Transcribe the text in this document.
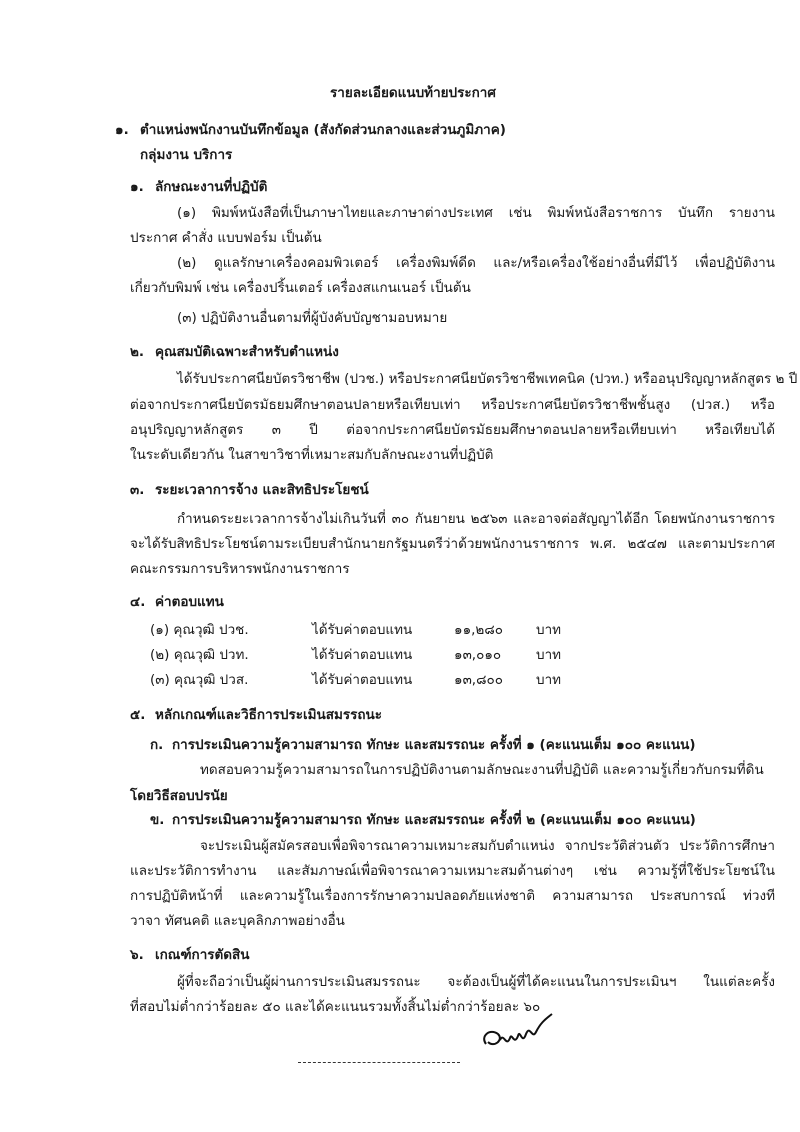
รายละเอียดแนบท้ายประกาศ
๑. ตำแหน่งพนักงานบันทึกข้อมูล (สังกัดส่วนกลางและส่วนภูมิภาค)
กลุ่มงาน บริการ
๑. ลักษณะงานที่ปฏิบัติ
(๑) พิมพ์หนังสือที่เป็นภาษาไทยและภาษาต่างประเทศ เช่น พิมพ์หนังสือราชการ บันทึก รายงาน
ประกาศ คำสั่ง แบบฟอร์ม เป็นต้น
(๒) ดูแลรักษาเครื่องคอมพิวเตอร์ เครื่องพิมพ์ดีด และ/หรือเครื่องใช้อย่างอื่นที่มีไว้ เพื่อปฏิบัติงาน
เกี่ยวกับพิมพ์ เช่น เครื่องปริ้นเตอร์ เครื่องสแกนเนอร์ เป็นต้น
(๓) ปฏิบัติงานอื่นตามที่ผู้บังคับบัญชามอบหมาย
๒. คุณสมบัติเฉพาะสำหรับตำแหน่ง
ได้รับประกาศนียบัตรวิชาชีพ (ปวช.) หรือประกาศนียบัตรวิชาชีพเทคนิค (ปวท.) หรืออนุปริญญาหลักสูตร ๒ ปี
ต่อจากประกาศนียบัตรมัธยมศึกษาตอนปลายหรือเทียบเท่า หรือประกาศนียบัตรวิชาชีพชั้นสูง (ปวส.) หรือ
อนุปริญญาหลักสูตร ๓ ปี ต่อจากประกาศนียบัตรมัธยมศึกษาตอนปลายหรือเทียบเท่า หรือเทียบได้
ในระดับเดียวกัน ในสาขาวิชาที่เหมาะสมกับลักษณะงานที่ปฏิบัติ
๓. ระยะเวลาการจ้าง และสิทธิประโยชน์
กำหนดระยะเวลาการจ้างไม่เกินวันที่ ๓๐ กันยายน ๒๕๖๓ และอาจต่อสัญญาได้อีก โดยพนักงานราชการ
จะได้รับสิทธิประโยชน์ตามระเบียบสำนักนายกรัฐมนตรีว่าด้วยพนักงานราชการ พ.ศ. ๒๕๔๗ และตามประกาศ
คณะกรรมการบริหารพนักงานราชการ
๔. ค่าตอบแทน
(๑) คุณวุฒิ ปวช.	ได้รับค่าตอบแทน	๑๑,๒๘๐	บาท
(๒) คุณวุฒิ ปวท.	ได้รับค่าตอบแทน	๑๓,๐๑๐	บาท
(๓) คุณวุฒิ ปวส.	ได้รับค่าตอบแทน	๑๓,๘๐๐	บาท
๕. หลักเกณฑ์และวิธีการประเมินสมรรถนะ
ก. การประเมินความรู้ความสามารถ ทักษะ และสมรรถนะ ครั้งที่ ๑ (คะแนนเต็ม ๑๐๐ คะแนน)
ทดสอบความรู้ความสามารถในการปฏิบัติงานตามลักษณะงานที่ปฏิบัติ และความรู้เกี่ยวกับกรมที่ดิน
โดยวิธีสอบปรนัย
ข. การประเมินความรู้ความสามารถ ทักษะ และสมรรถนะ ครั้งที่ ๒ (คะแนนเต็ม ๑๐๐ คะแนน)
จะประเมินผู้สมัครสอบเพื่อพิจารณาความเหมาะสมกับตำแหน่ง จากประวัติส่วนตัว ประวัติการศึกษา
และประวัติการทำงาน และสัมภาษณ์เพื่อพิจารณาความเหมาะสมด้านต่างๆ เช่น ความรู้ที่ใช้ประโยชน์ใน
การปฏิบัติหน้าที่ และความรู้ในเรื่องการรักษาความปลอดภัยแห่งชาติ ความสามารถ ประสบการณ์ ท่วงที
วาจา ทัศนคติ และบุคลิกภาพอย่างอื่น
๖. เกณฑ์การตัดสิน
ผู้ที่จะถือว่าเป็นผู้ผ่านการประเมินสมรรถนะ จะต้องเป็นผู้ที่ได้คะแนนในการประเมินฯ ในแต่ละครั้ง
ที่สอบไม่ต่ำกว่าร้อยละ ๕๐ และได้คะแนนรวมทั้งสิ้นไม่ต่ำกว่าร้อยละ ๖๐
